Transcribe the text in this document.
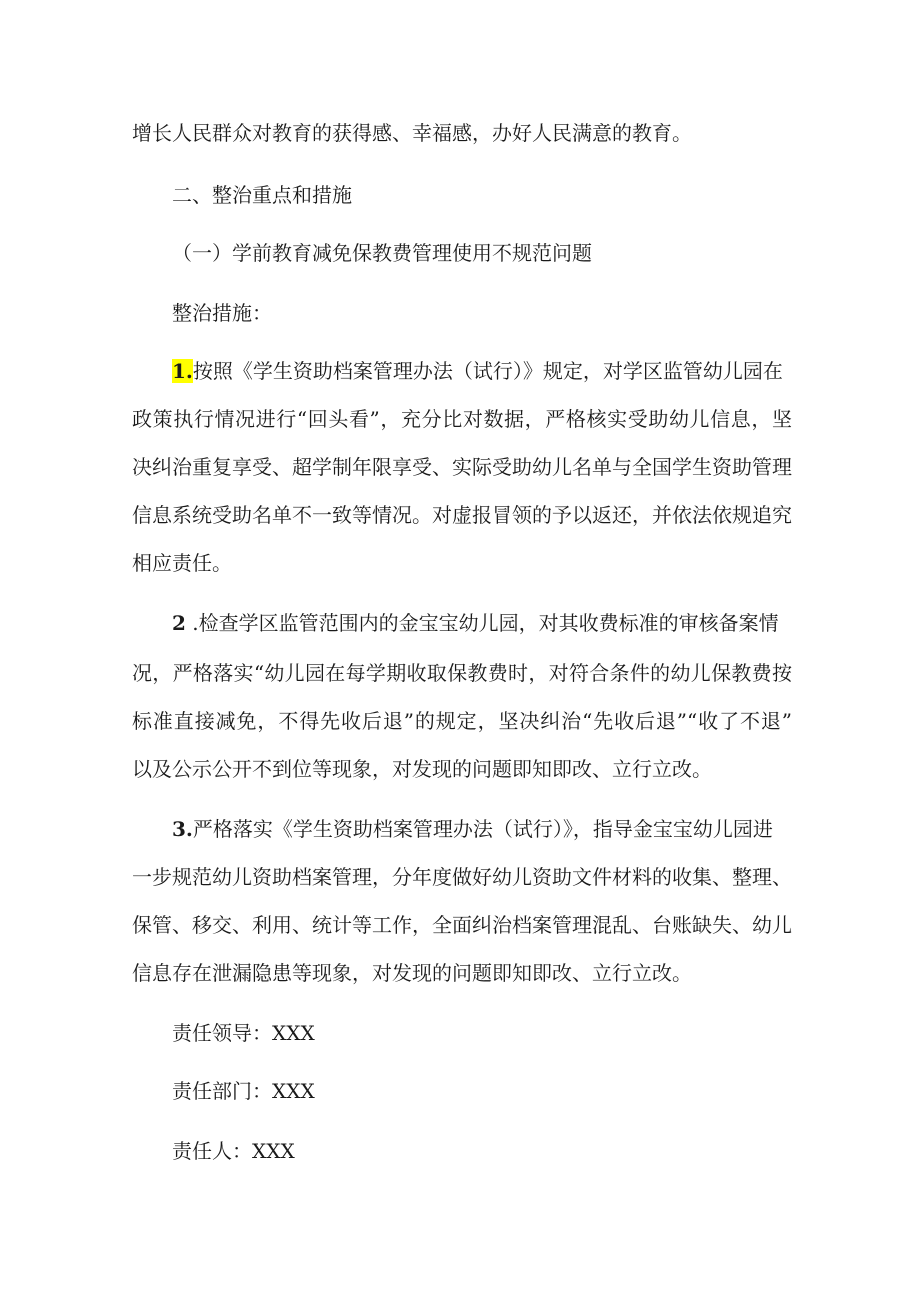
增长人民群众对教育的获得感、幸福感，办好人民满意的教育。
二、整治重点和措施
（一）学前教育减免保教费管理使用不规范问题
整治措施：
1.按照《学生资助档案管理办法（试行）》规定，对学区监管幼儿园在
政策执行情况进行“回头看”，充分比对数据，严格核实受助幼儿信息，坚
决纠治重复享受、超学制年限享受、实际受助幼儿名单与全国学生资助管理
信息系统受助名单不一致等情况。对虚报冒领的予以返还，并依法依规追究
相应责任。
2 .检查学区监管范围内的金宝宝幼儿园，对其收费标准的审核备案情
况，严格落实“幼儿园在每学期收取保教费时，对符合条件的幼儿保教费按
标准直接减免，不得先收后退”的规定，坚决纠治“先收后退”“收了不退”
以及公示公开不到位等现象，对发现的问题即知即改、立行立改。
3.严格落实《学生资助档案管理办法（试行）》，指导金宝宝幼儿园进
一步规范幼儿资助档案管理，分年度做好幼儿资助文件材料的收集、整理、
保管、移交、利用、统计等工作，全面纠治档案管理混乱、台账缺失、幼儿
信息存在泄漏隐患等现象，对发现的问题即知即改、立行立改。
责任领导：XXX
责任部门：XXX
责任人：XXX
